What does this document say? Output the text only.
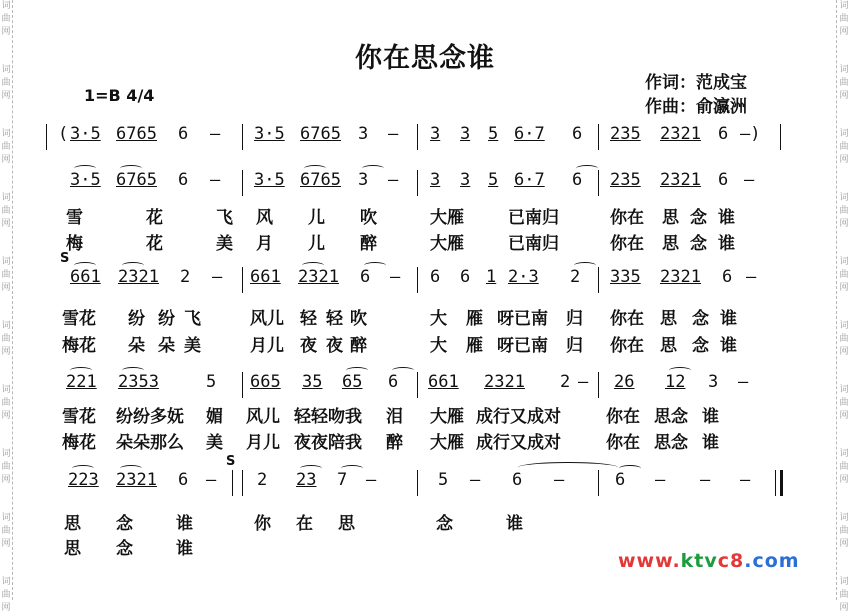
词
曲
网
词
曲
网
词
曲
网
词
曲
网
词
曲
网
词
曲
网
词
曲
网
词
曲
网
词
曲
网
词
曲
网
词
曲
网
词
曲
网
词
曲
网
词
曲
网
词
曲
网
词
曲
网
词
曲
网
词
曲
网
词
曲
网
词
曲
网
你在思念谁
作词：范成宝
作曲：俞瀛洲
1=B 4/4
( 3·5 6765 6 — 3·5 6765 3 — 3 3 5 6·7 6 235 2321 6 —)
3·5 6765 6 — 3·5 6765 3 — 3 3 5 6·7 6 235 2321 6 —
雪	花	飞 风 儿 吹	大雁	已南归	你在 思 念 谁
梅	花	美 月 儿 醉	大雁	已南归	你在 思 念 谁
661 2321 2 — 661 2321 6 — 6 6 1 2·3 2 335 2321 6 —
S
雪花 纷 纷 飞	风儿 轻 轻 吹	大 雁 呀已南 归 你在 思 念 谁
梅花 朵 朵 美	月儿 夜 夜 醉	大 雁 呀已南 归 你在 思 念 谁
221 2353	5 665 35 65 6 661 2321 2 — 26 12 3 —
雪花 纷纷多妩 媚 风儿 轻轻吻我 泪 大雁 成行又成对	你在 思念 谁
梅花 朵朵那么 美 月儿 夜夜陪我 醉 大雁 成行又成对	你在 思念 谁
223 2321 6 — 2 23 7 —	5 — 6 —	6 — — —
S
思 念	谁	你 在 思	念	谁
思 念	谁
www.ktvc8.com
